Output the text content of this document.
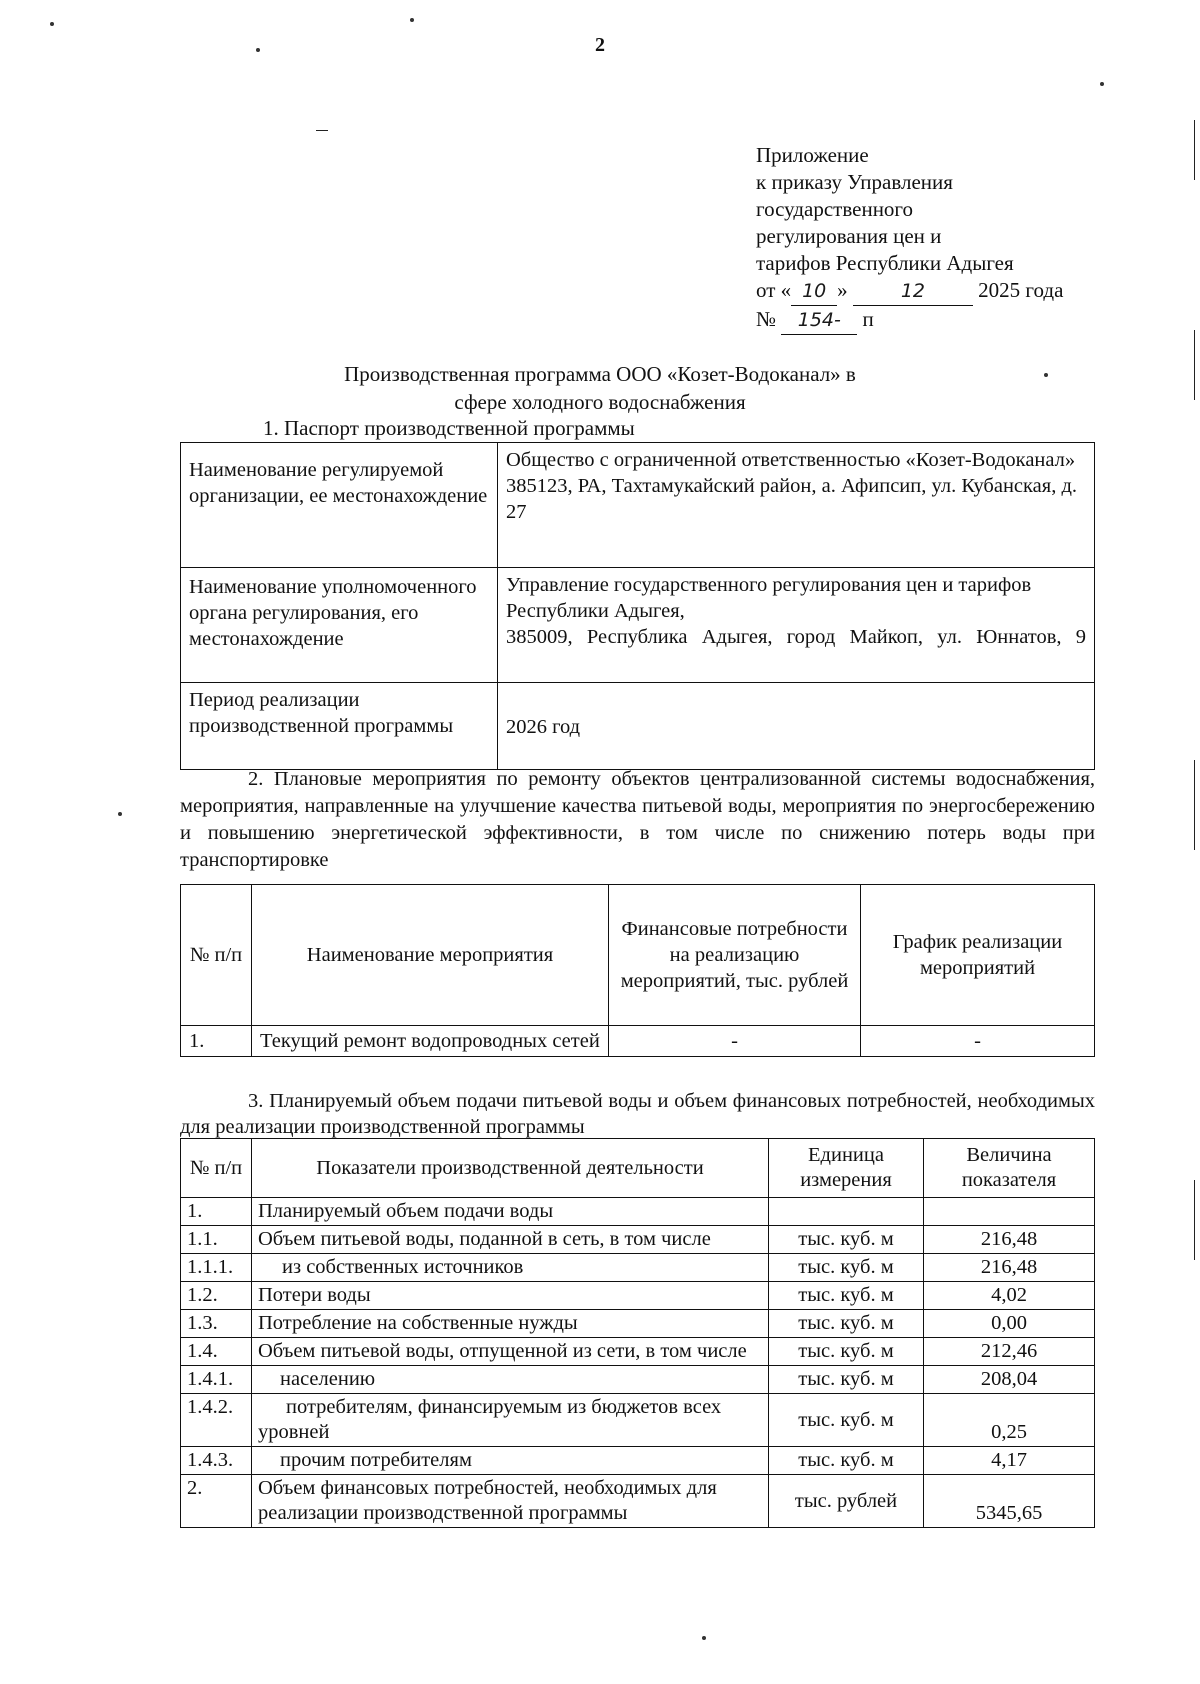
2
Приложение
к приказу Управления
государственного
регулирования цен и
тарифов Республики Адыгея
от « 10 »	12	2025 года
№ 154- п
Производственная программа ООО «Козет-Водоканал» в
сфере холодного водоснабжения
1. Паспорт производственной программы
Наименование регулируемой организации, ее местонахождение	Общество с ограниченной ответственностью «Козет-Водоканал»
385123, РА, Тахтамукайский район, а. Афипсип, ул. Кубанская, д. 27

Наименование уполномоченного органа регулирования, его местонахождение	Управление государственного регулирования цен и тарифов Республики Адыгея,
385009, Республика Адыгея, город Майкоп, ул. Юннатов, 9

Период реализации производственной программы	2026 год

2. Плановые мероприятия по ремонту объектов централизованной системы водоснабжения, мероприятия, направленные на улучшение качества питьевой воды, мероприятия по энергосбережению и повышению энергетической эффективности, в том числе по снижению потерь воды при транспортировке

№ п/п	Наименование мероприятия	Финансовые потребности на реализацию мероприятий, тыс. рублей	График реализации мероприятий
1.	Текущий ремонт водопроводных сетей	-	-

3. Планируемый объем подачи питьевой воды и объем финансовых потребностей, необходимых для реализации производственной программы

№ п/п	Показатели производственной деятельности	Единица измерения	Величина показателя
1.	Планируемый объем подачи воды		
1.1.	Объем питьевой воды, поданной в сеть, в том числе	тыс. куб. м	216,48
1.1.1.	из собственных источников	тыс. куб. м	216,48
1.2.	Потери воды	тыс. куб. м	4,02
1.3.	Потребление на собственные нужды	тыс. куб. м	0,00
1.4.	Объем питьевой воды, отпущенной из сети, в том числе	тыс. куб. м	212,46
1.4.1.	населению	тыс. куб. м	208,04
1.4.2.	потребителям, финансируемым из бюджетов всех уровней	тыс. куб. м	0,25
1.4.3.	прочим потребителям	тыс. куб. м	4,17
2.	Объем финансовых потребностей, необходимых для реализации производственной программы	тыс. рублей	5345,65
